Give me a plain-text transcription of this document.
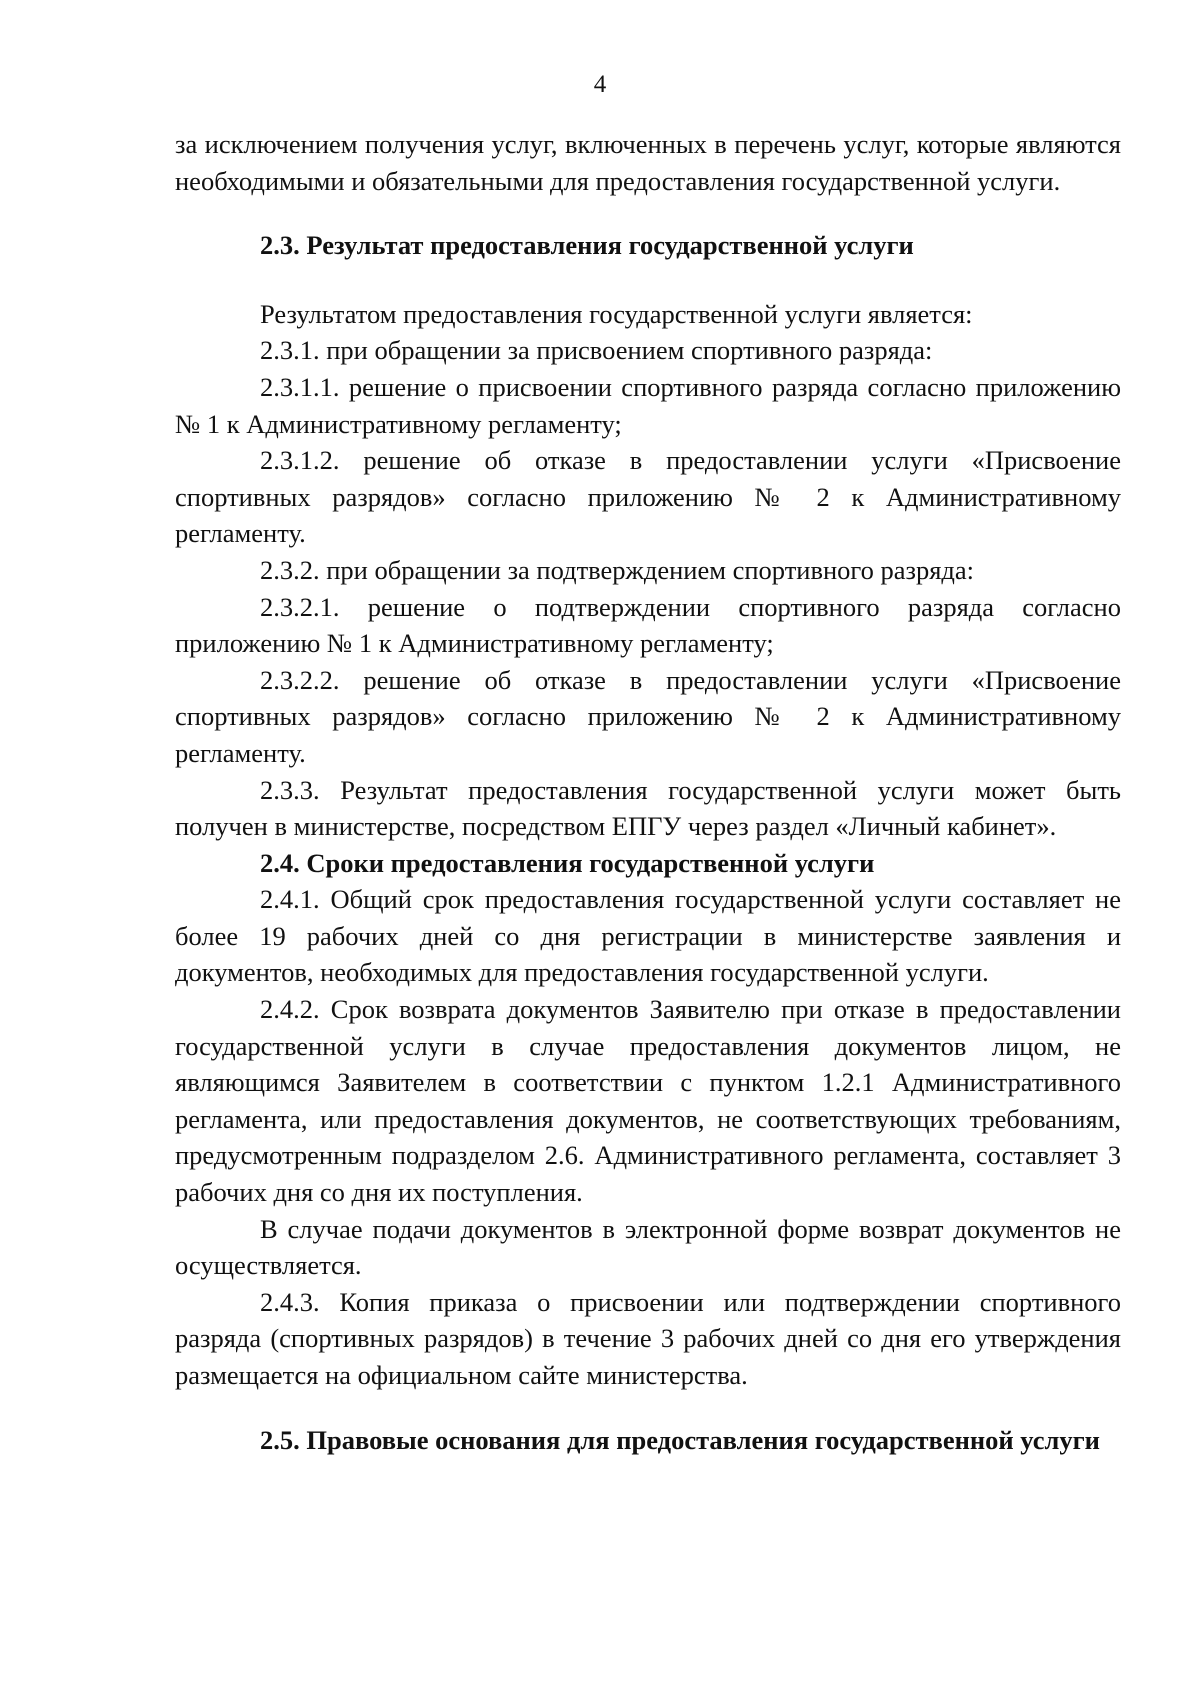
4

за исключением получения услуг, включенных в перечень услуг, которые являются необходимыми и обязательными для предоставления государственной услуги.

2.3. Результат предоставления государственной услуги

Результатом предоставления государственной услуги является:

2.3.1. при обращении за присвоением спортивного разряда:

2.3.1.1. решение о присвоении спортивного разряда согласно приложению № 1 к Административному регламенту;

2.3.1.2. решение об отказе в предоставлении услуги «Присвоение спортивных разрядов» согласно приложению № 2 к Административному регламенту.

2.3.2. при обращении за подтверждением спортивного разряда:

2.3.2.1. решение о подтверждении спортивного разряда согласно приложению № 1 к Административному регламенту;

2.3.2.2. решение об отказе в предоставлении услуги «Присвоение спортивных разрядов» согласно приложению № 2 к Административному регламенту.

2.3.3. Результат предоставления государственной услуги может быть получен в министерстве, посредством ЕПГУ через раздел «Личный кабинет».

2.4. Сроки предоставления государственной услуги

2.4.1. Общий срок предоставления государственной услуги составляет не более 19 рабочих дней со дня регистрации в министерстве заявления и документов, необходимых для предоставления государственной услуги.

2.4.2. Срок возврата документов Заявителю при отказе в предоставлении государственной услуги в случае предоставления документов лицом, не являющимся Заявителем в соответствии с пунктом 1.2.1 Административного регламента, или предоставления документов, не соответствующих требованиям, предусмотренным подразделом 2.6. Административного регламента, составляет 3 рабочих дня со дня их поступления.

В случае подачи документов в электронной форме возврат документов не осуществляется.

2.4.3. Копия приказа о присвоении или подтверждении спортивного разряда (спортивных разрядов) в течение 3 рабочих дней со дня его утверждения размещается на официальном сайте министерства.

2.5. Правовые основания для предоставления государственной услуги
